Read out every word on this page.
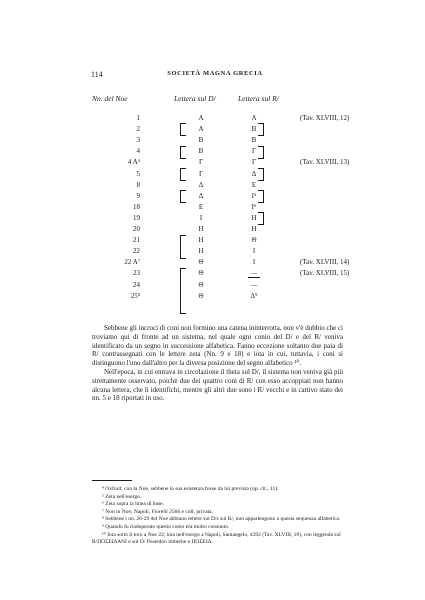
114	SOCIETÀ MAGNA GRECIA
Nn. del Noe	Lettera sul D/	Lettera sul R/
1	A	A	(Tav. XLVIII, 12)
2	A	B
3	B	B
4	B	Γ
4 $A^4$	Γ	Γ	(Tav. XLVIII, 13)
5	Γ	Δ
8	Δ	E
9	Δ	I⁵
18	E	I⁶
19	I	H
20	H	H
21	H	Θ
22	H	I
22 $A^7$	Θ	I	(Tav. XLVIII, 14)
23	Θ	—	(Tav. XLVIII, 15)
24	Θ	—
$25^8$	Θ	Δ⁹

Sebbene gli incroci di coni non formino una catena ininterrotta, non v'è dubbio che ci troviamo qui di fronte ad un sistema, nel quale ogni conio del D/ e del R/ veniva identificato da un segno in successione alfabetica. Fanno eccezione soltanto due paia di R/ contrassegnati con le lettere zeta (Nn. 9 e 18) e iota in cui, tuttavia, i coni si distinguono l'uno dall'altro per la diversa posizione del segno alfabetico ¹⁰.

Nell'epoca, in cui entrava in circolazione il theta sul D/, il sistema non veniva già più strettamente osservato, poichè due dei quattro coni di R/ con esso accoppiati non hanno alcuna lettera, che li identifichi, mentre gli altri due sono i R/ vecchi e in cattivo stato dei nn. 5 e 18 riportati in uso.

⁴ Oxford; con la Noe, sebbene la sua esistenza fosse da lui prevista (op. cit., 11).
⁵ Zeta nell'esergo.
⁶ Zeta sopra la linea di base.
⁷ Non in Noe; Napoli, Fiorelli 2566 e coll. privata.
⁸ Sebbene i nn. 26-29 del Noe abbiano lettere sul D/s sul R/, non appartengono a questa sequenza alfabetica.
⁹ Quando fu riadoperato questo conio era molto consunto.
¹⁰ Iota sotto il toro a Noe 22; iota nell'esergo a Napoli, Santangelo, 4392 (Tav. XLVIII, 18), con leggenda sul R/ΠOΣEIΔANI e sul D/ Poseidon imberbe e ΠOΣEIΔ.
